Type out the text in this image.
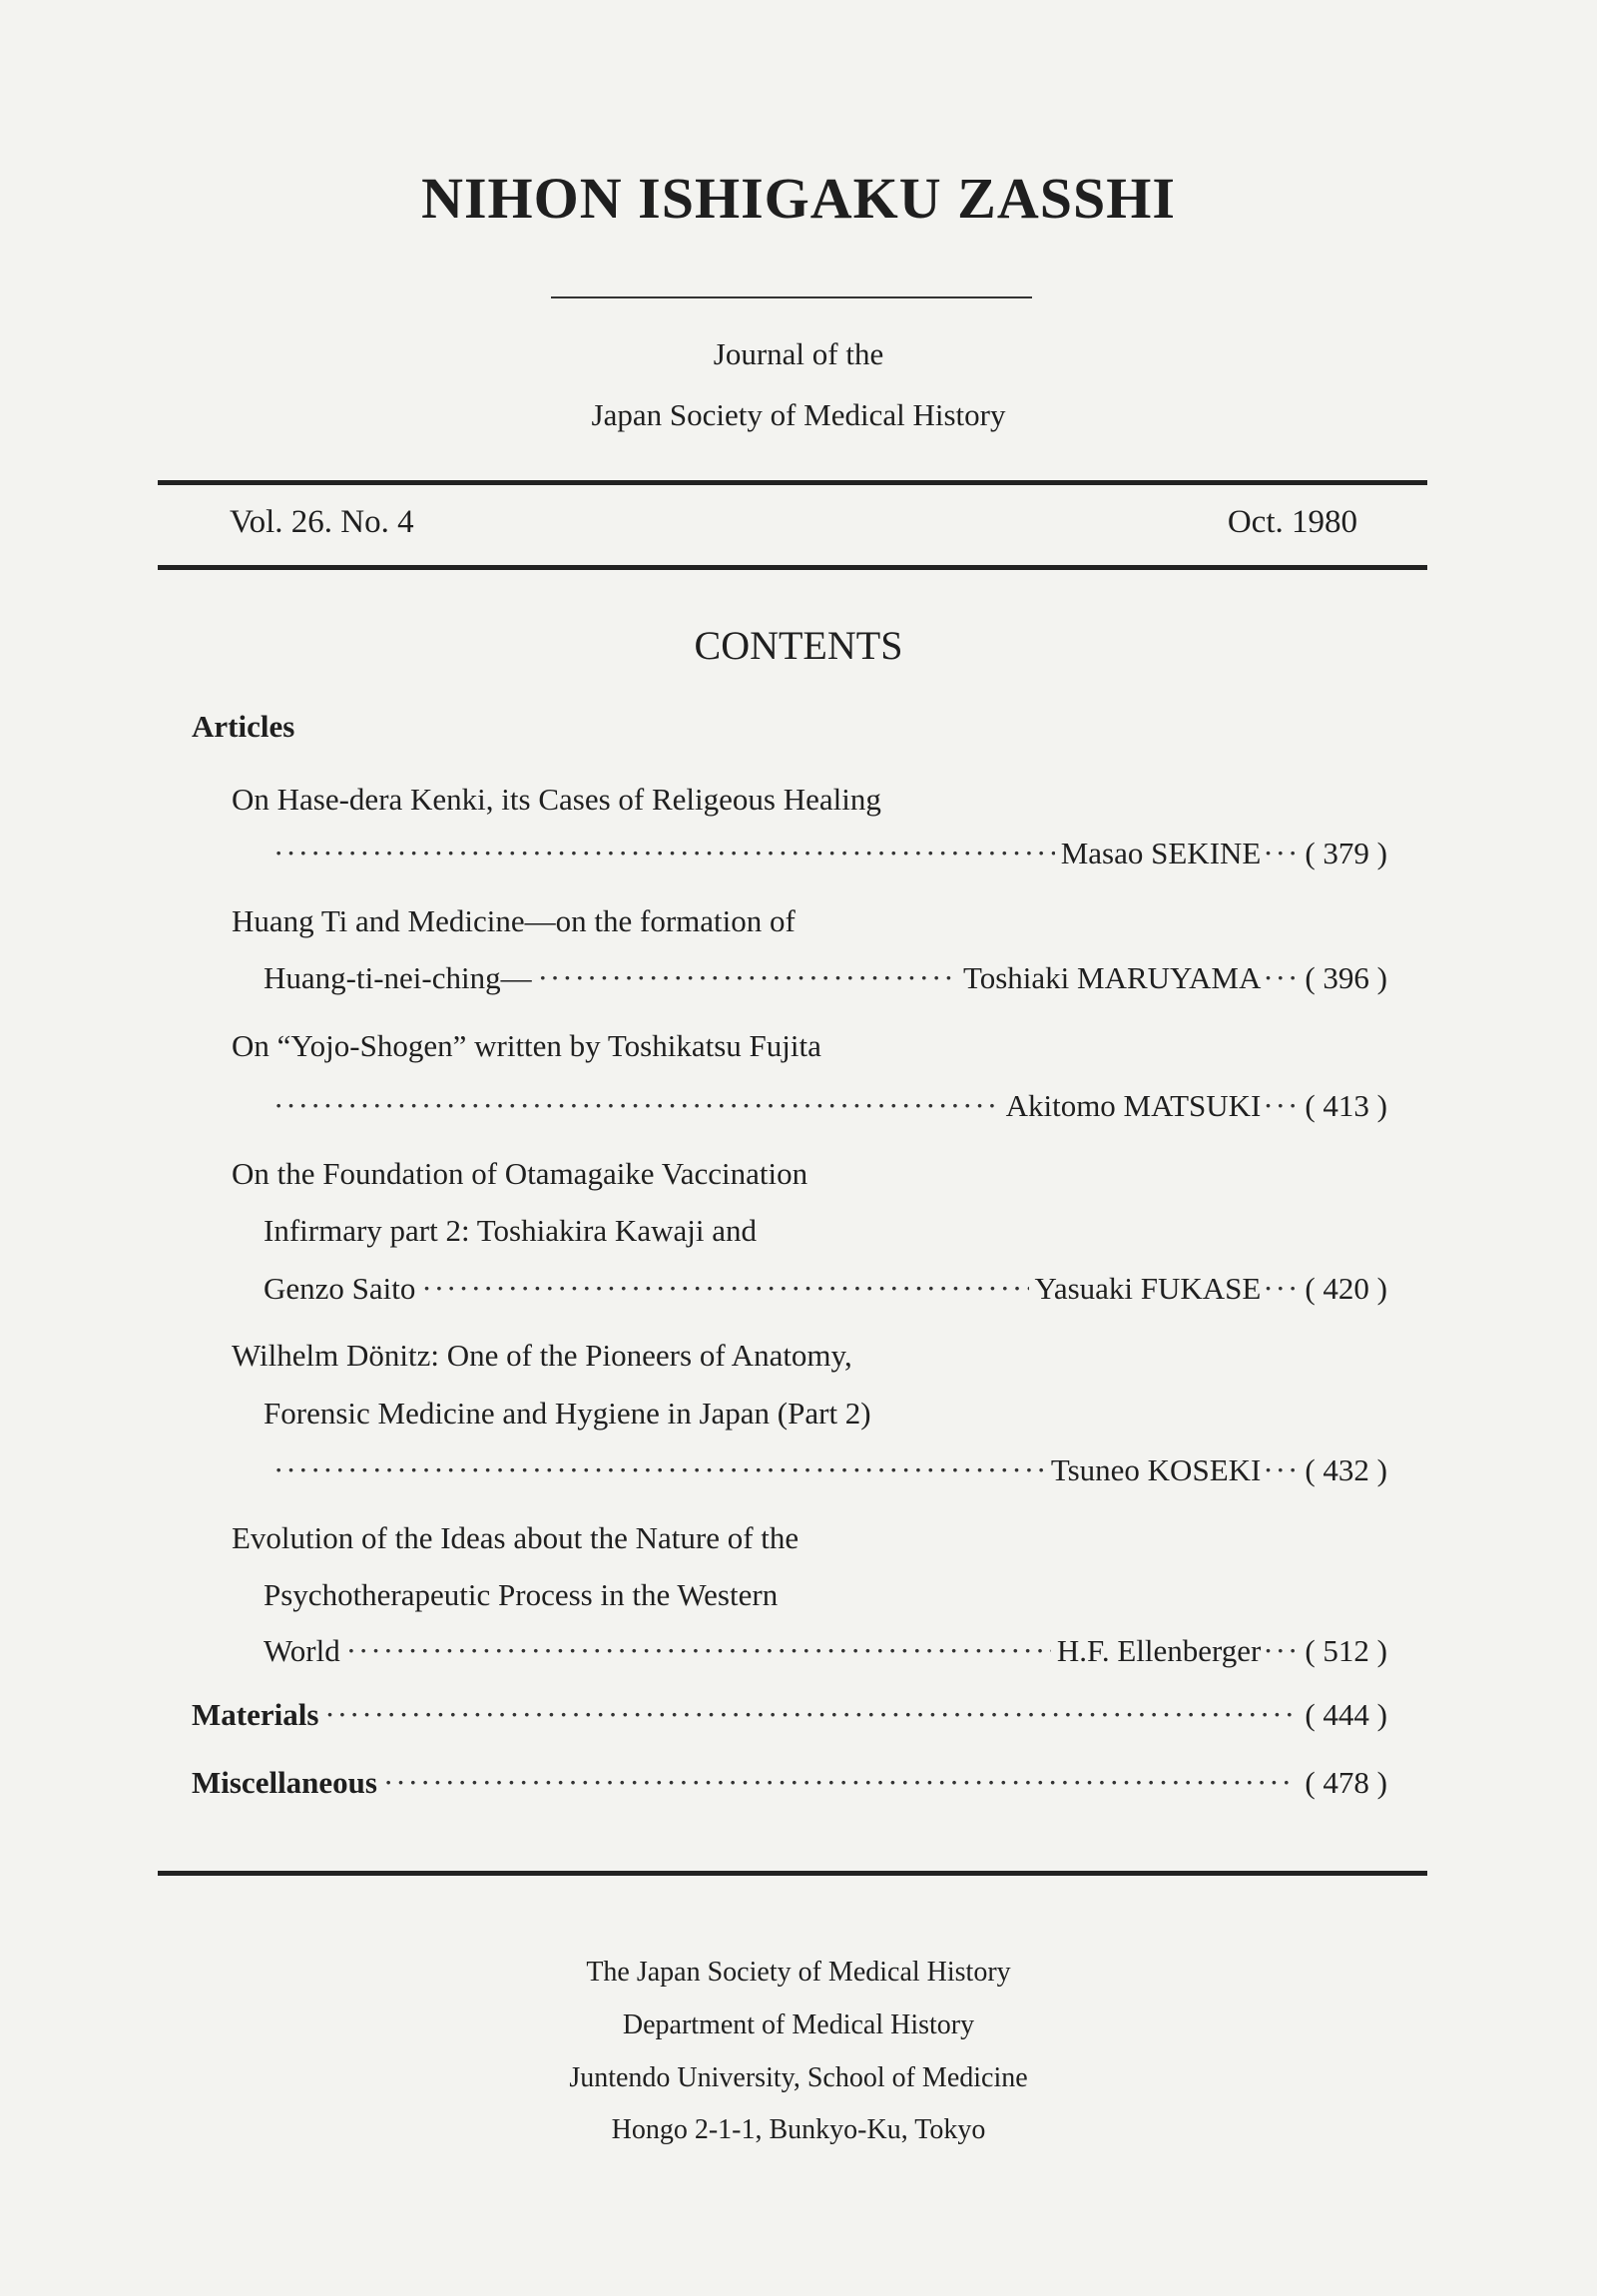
NIHON ISHIGAKU ZASSHI
Journal of the
Japan Society of Medical History
Vol. 26. No. 4	Oct. 1980
CONTENTS
Articles
On Hase-dera Kenki, its Cases of Religeous Healing
·····
Masao SEKINE ····· ( 379 )
Huang Ti and Medicine—on the formation of
Huang-ti-nei-ching— ·····	Toshiaki MARUYAMA ····· ( 396 )
On “Yojo-Shogen” written by Toshikatsu Fujita
·····
Akitomo MATSUKI ····· ( 413 )
On the Foundation of Otamagaike Vaccination
Infirmary part 2: Toshiakira Kawaji and
Genzo Saito ·····	Yasuaki FUKASE ····· ( 420 )
Wilhelm Dönitz: One of the Pioneers of Anatomy,
Forensic Medicine and Hygiene in Japan (Part 2)
·····
Tsuneo KOSEKI ····· ( 432 )
Evolution of the Ideas about the Nature of the
Psychotherapeutic Process in the Western
World ·····	H.F. Ellenberger ····· ( 512 )
Materials ·····	( 444 )
Miscellaneous ·····	( 478 )
The Japan Society of Medical History
Department of Medical History
Juntendo University, School of Medicine
Hongo 2-1-1, Bunkyo-Ku, Tokyo
